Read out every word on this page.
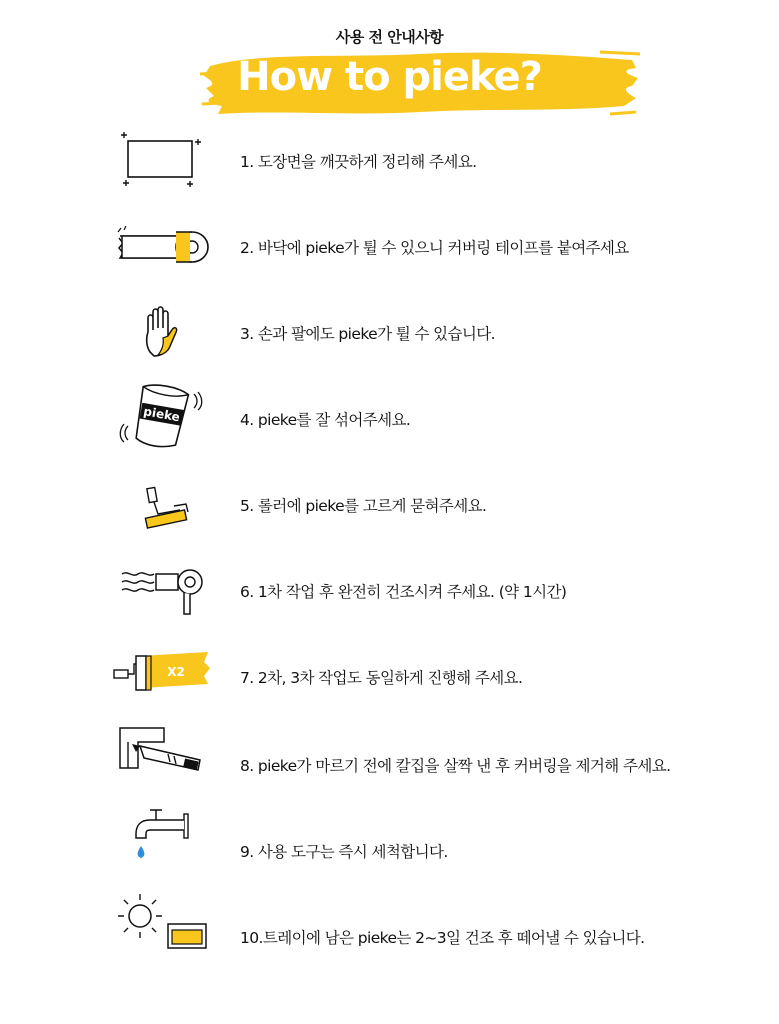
사용 전 안내사항
How to pieke?
1. 도장면을 깨끗하게 정리해 주세요.
2. 바닥에 pieke가 튈 수 있으니 커버링 테이프를 붙여주세요
3. 손과 팔에도 pieke가 튈 수 있습니다.
pieke	4. pieke를 잘 섞어주세요.
5. 롤러에 pieke를 고르게 묻혀주세요.
6. 1차 작업 후 완전히 건조시켜 주세요. (약 1시간)
X2	7. 2차, 3차 작업도 동일하게 진행해 주세요.
8. pieke가 마르기 전에 칼집을 살짝 낸 후 커버링을 제거해 주세요.
9. 사용 도구는 즉시 세척합니다.
10.트레이에 남은 pieke는 2~3일 건조 후 떼어낼 수 있습니다.
